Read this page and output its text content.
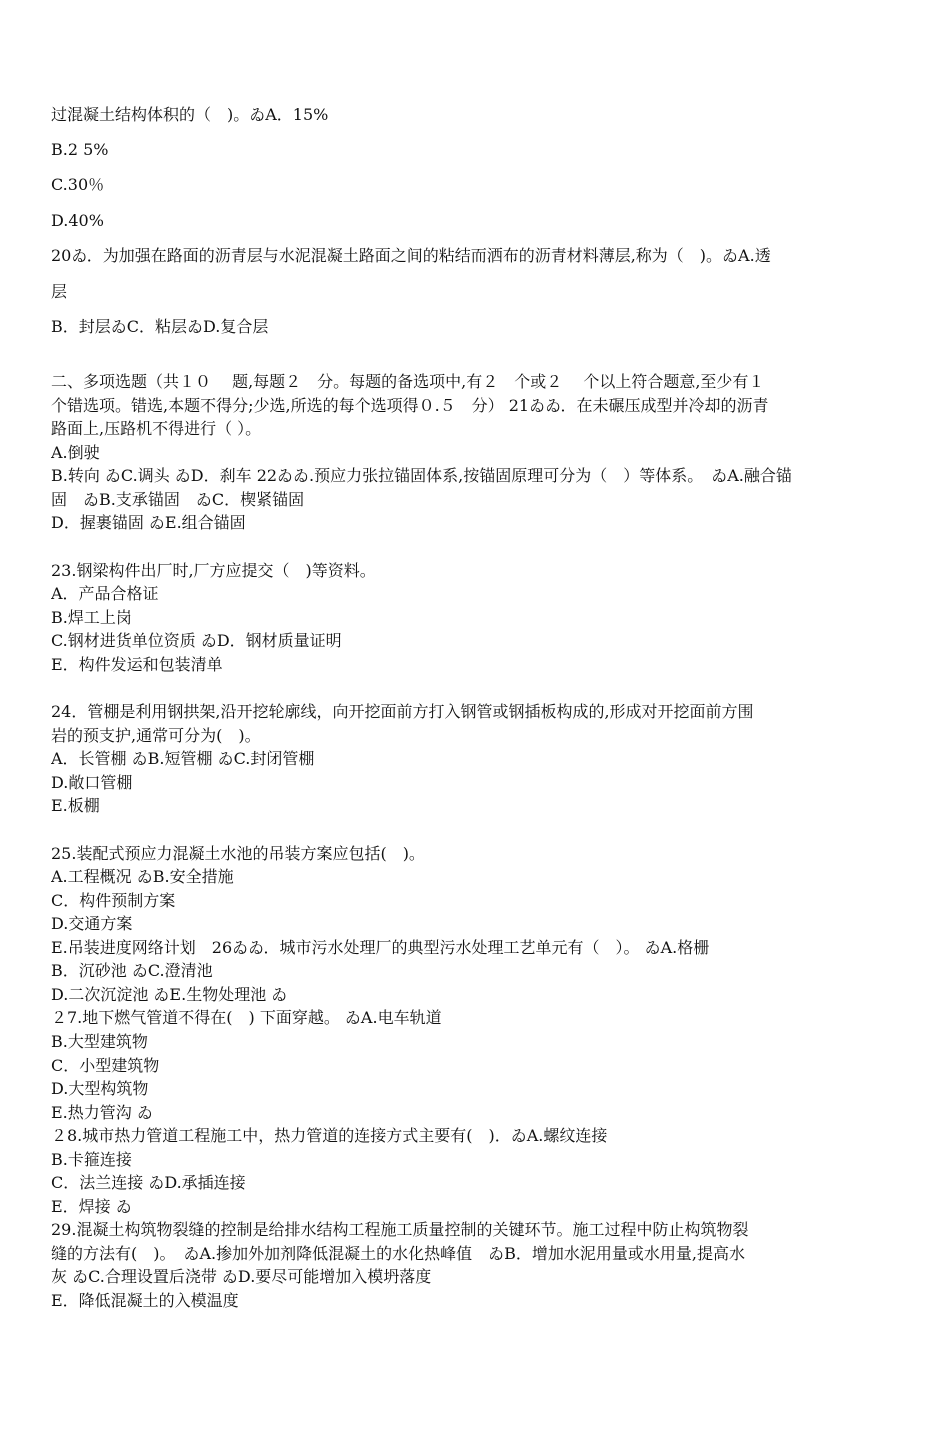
过混凝土结构体积的（　)。ゐA．15%
B.2 5%
C.30％
D.40%
20ゐ．为加强在路面的沥青层与水泥混凝土路面之间的粘结而洒布的沥青材料薄层,称为（　)。ゐA.透
层
B．封层ゐC．粘层ゐD.复合层
二、多项选题（共１０　 题,每题２　分。每题的备选项中,有２　个或２　 个以上符合题意,至少有１
个错选项。错选,本题不得分;少选,所选的每个选项得０.５　分） 21ゐゐ．在未碾压成型并冷却的沥青
路面上,压路机不得进行（ ）。
A.倒驶
B.转向 ゐC.调头 ゐD．刹车 22ゐゐ.预应力张拉锚固体系,按锚固原理可分为（　）等体系。　ゐA.融合锚
固　ゐB.支承锚固　ゐC．楔紧锚固
D．握裹锚固 ゐE.组合锚固
23.钢梁构件出厂时,厂方应提交（　)等资料。
A．产品合格证
B.焊工上岗
C.钢材进货单位资质 ゐD．钢材质量证明
E．构件发运和包装清单
24．管棚是利用钢拱架,沿开挖轮廓线，向开挖面前方打入钢管或钢插板构成的,形成对开挖面前方围
岩的预支护,通常可分为(　)。
A．长管棚 ゐB.短管棚 ゐC.封闭管棚
D.敞口管棚
E.板棚
25.装配式预应力混凝土水池的吊装方案应包括(　)。
A.工程概况 ゐB.安全措施
C．构件预制方案
D.交通方案
E.吊装进度网络计划　26ゐゐ．城市污水处理厂的典型污水处理工艺单元有（　）。 ゐA.格栅
B．沉砂池 ゐC.澄清池
D.二次沉淀池 ゐE.生物处理池 ゐ
２7.地下燃气管道不得在(　) 下面穿越。 ゐA.电车轨道
B.大型建筑物
C．小型建筑物
D.大型构筑物
E.热力管沟 ゐ
２8.城市热力管道工程施工中，热力管道的连接方式主要有(　)．ゐA.螺纹连接
B.卡箍连接
C．法兰连接 ゐD.承插连接
E．焊接 ゐ
29.混凝土构筑物裂缝的控制是给排水结构工程施工质量控制的关键环节。施工过程中防止构筑物裂
缝的方法有(　)。　ゐA.掺加外加剂降低混凝土的水化热峰值　ゐB．增加水泥用量或水用量,提高水
灰 ゐC.合理设置后浇带 ゐD.要尽可能增加入模坍落度
E．降低混凝土的入模温度
